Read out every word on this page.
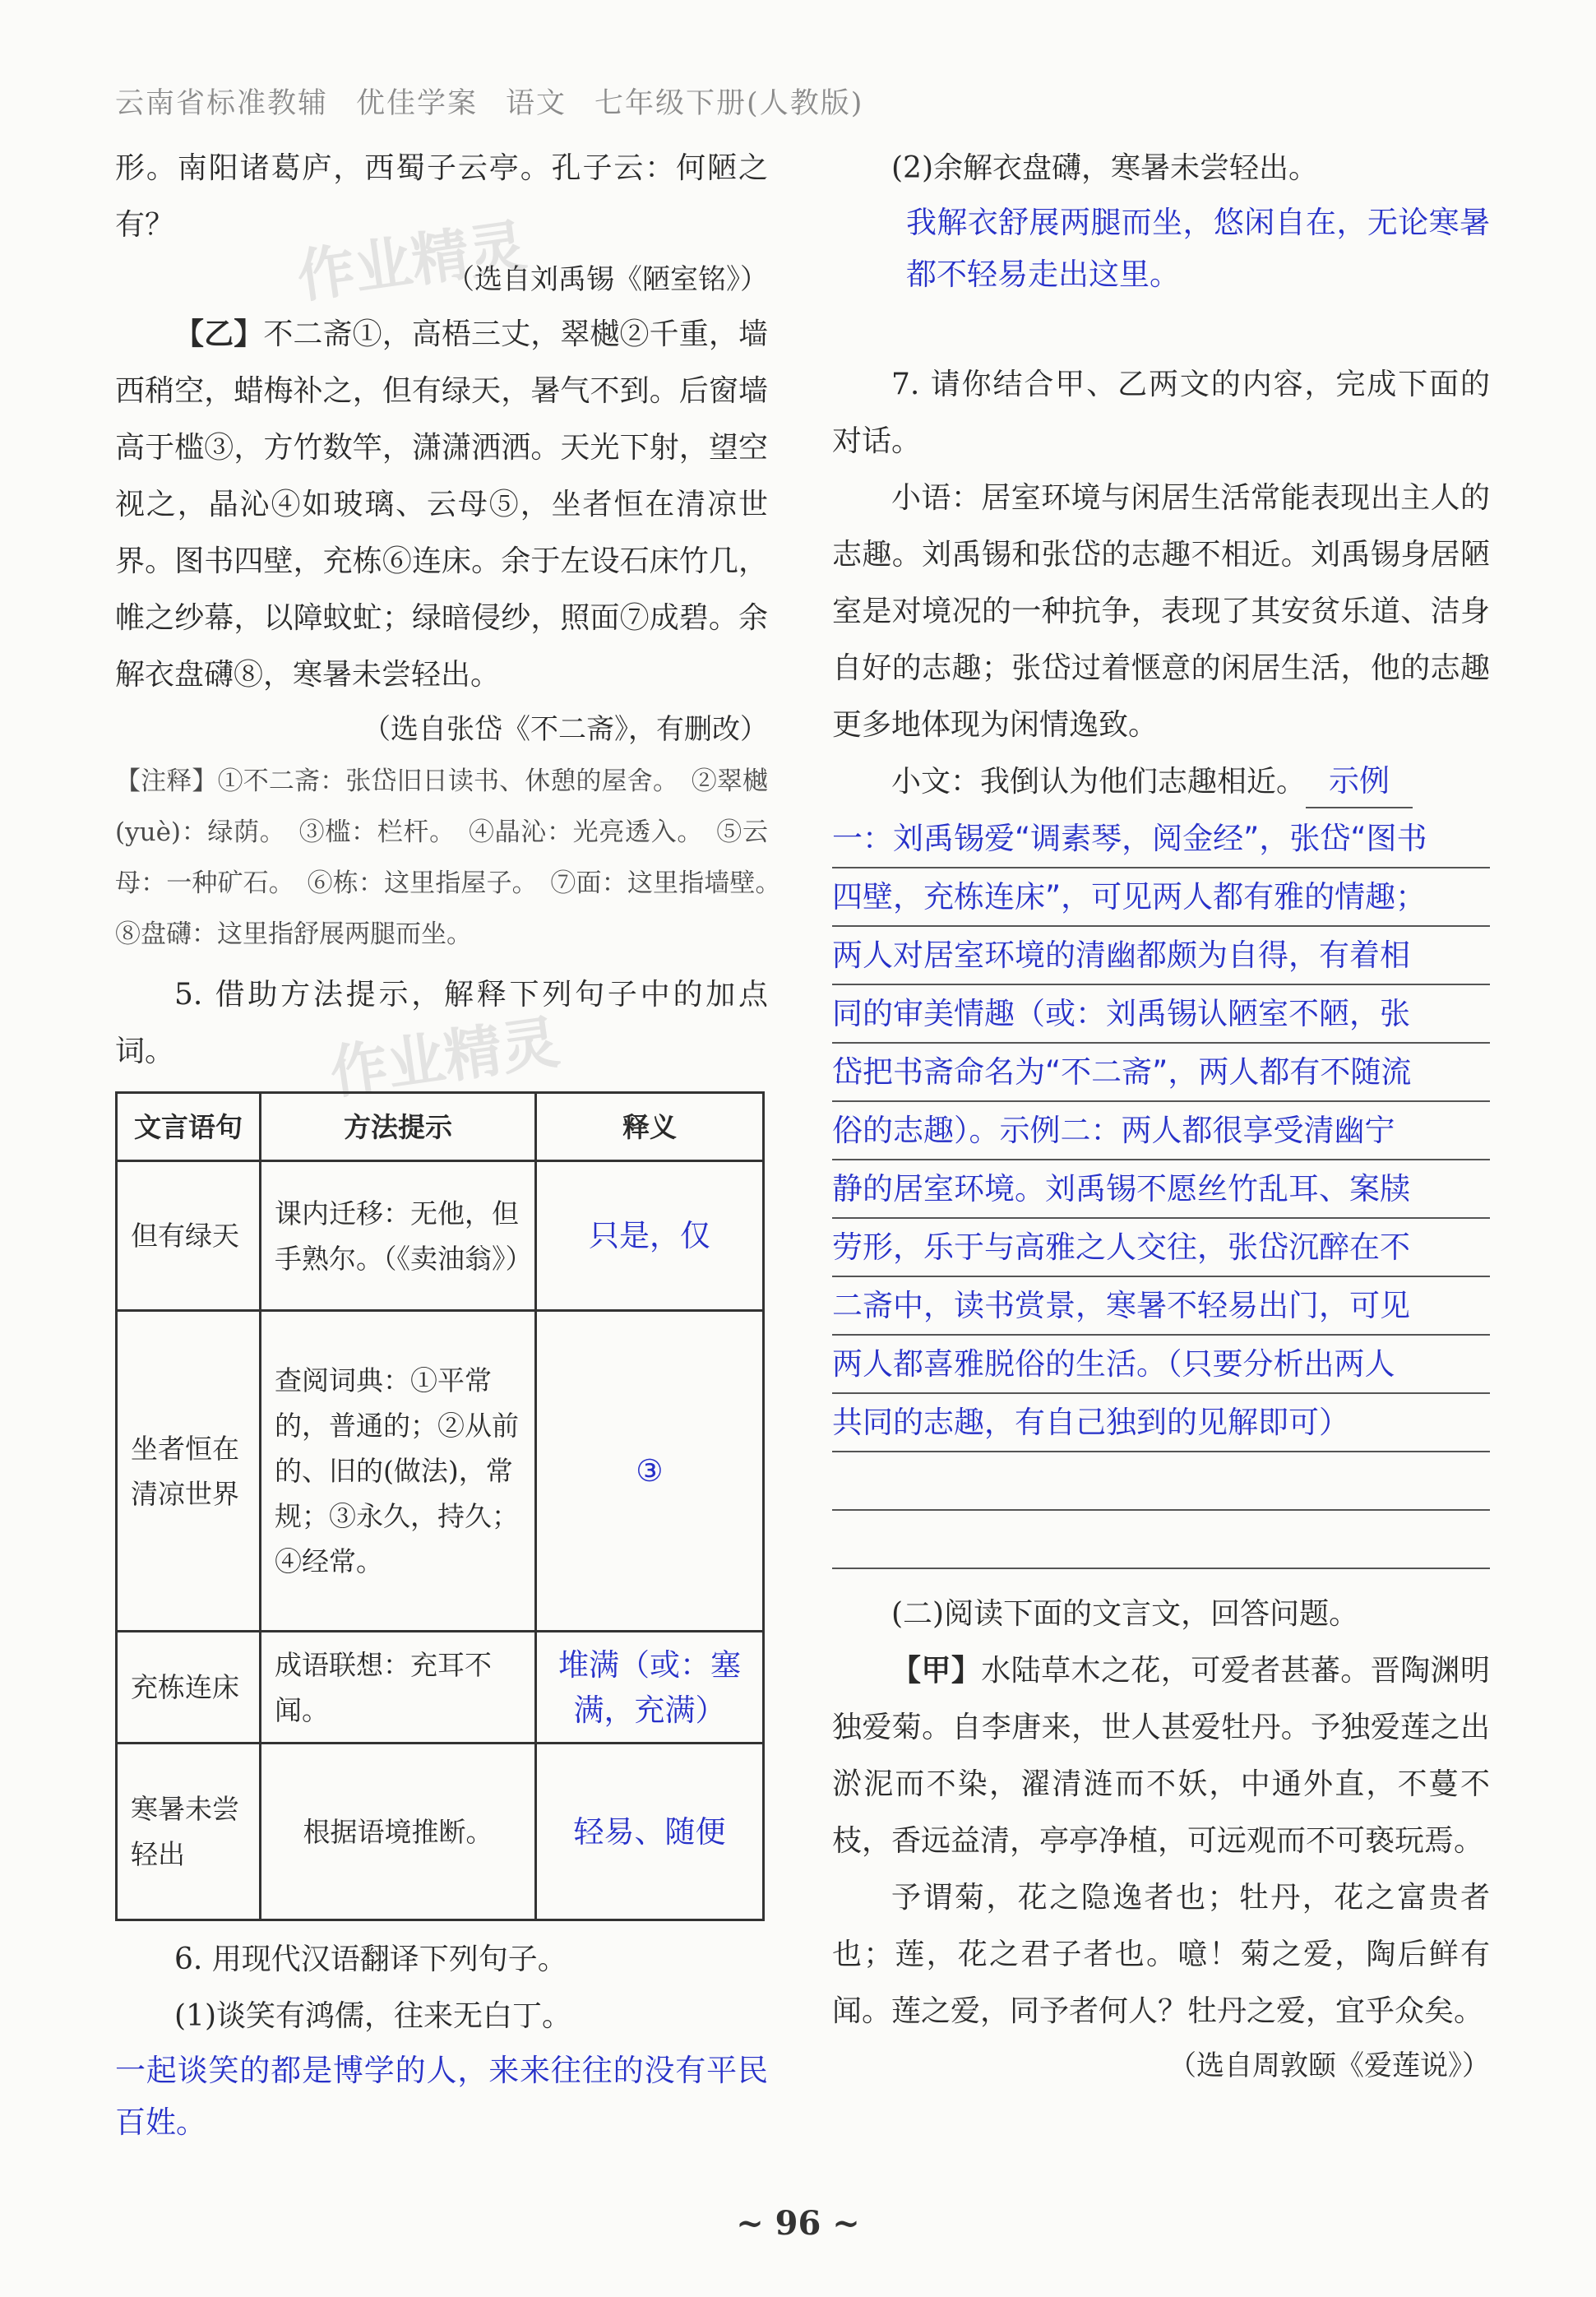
云南省标准教辅 优佳学案 语文 七年级下册(人教版)
作业精灵
作业精灵

形。南阳诸葛庐，西蜀子云亭。孔子云：何陋之有？

（选自刘禹锡《陋室铭》）

【乙】不二斋①，高梧三丈，翠樾②千重，墙西稍空，蜡梅补之，但有绿天，暑气不到。后窗墙高于槛③，方竹数竿，潇潇洒洒。天光下射，望空视之，晶沁④如玻璃、云母⑤，坐者恒在清凉世界。图书四壁，充栋⑥连床。余于左设石床竹几，帷之纱幕，以障蚊虻；绿暗侵纱，照面⑦成碧。余解衣盘礴⑧，寒暑未尝轻出。

（选自张岱《不二斋》，有删改）

【注释】①不二斋：张岱旧日读书、休憩的屋舍。　②翠樾(yuè)：绿荫。　③槛：栏杆。　④晶沁：光亮透入。　⑤云母：一种矿石。　⑥栋：这里指屋子。　⑦面：这里指墙壁。　⑧盘礴：这里指舒展两腿而坐。

5. 借助方法提示，解释下列句子中的加点词。

文言语句	方法提示	释义
但有绿天	课内迁移：无他，但手熟尔。（《卖油翁》）	只是，仅
坐者恒在清凉世界	查阅词典：①平常的，普通的；②从前的、旧的(做法)，常规；③永久，持久；④经常。	③
充栋连床	成语联想：充耳不闻。	堆满（或：塞满，充满）
寒暑未尝轻出	根据语境推断。	轻易、随便

6. 用现代汉语翻译下列句子。

(1)谈笑有鸿儒，往来无白丁。

一起谈笑的都是博学的人，来来往往的没有平民百姓。

(2)余解衣盘礴，寒暑未尝轻出。

我解衣舒展两腿而坐，悠闲自在，无论寒暑都不轻易走出这里。

7. 请你结合甲、乙两文的内容，完成下面的对话。

小语：居室环境与闲居生活常能表现出主人的志趣。刘禹锡和张岱的志趣不相近。刘禹锡身居陋室是对境况的一种抗争，表现了其安贫乐道、洁身自好的志趣；张岱过着惬意的闲居生活，他的志趣更多地体现为闲情逸致。

小文：我倒认为他们志趣相近。 示例

一：刘禹锡爱“调素琴，阅金经”，张岱“图书

四壁，充栋连床”，可见两人都有雅的情趣；

两人对居室环境的清幽都颇为自得，有着相

同的审美情趣（或：刘禹锡认陋室不陋，张

岱把书斋命名为“不二斋”，两人都有不随流

俗的志趣）。示例二：两人都很享受清幽宁

静的居室环境。刘禹锡不愿丝竹乱耳、案牍

劳形，乐于与高雅之人交往，张岱沉醉在不

二斋中，读书赏景，寒暑不轻易出门，可见

两人都喜雅脱俗的生活。（只要分析出两人

共同的志趣，有自己独到的见解即可）

(二)阅读下面的文言文，回答问题。

【甲】水陆草木之花，可爱者甚蕃。晋陶渊明独爱菊。自李唐来，世人甚爱牡丹。予独爱莲之出淤泥而不染，濯清涟而不妖，中通外直，不蔓不枝，香远益清，亭亭净植，可远观而不可亵玩焉。

予谓菊，花之隐逸者也；牡丹，花之富贵者也；莲，花之君子者也。噫！菊之爱，陶后鲜有闻。莲之爱，同予者何人？牡丹之爱，宜乎众矣。

（选自周敦颐《爱莲说》）

~ 96 ~
